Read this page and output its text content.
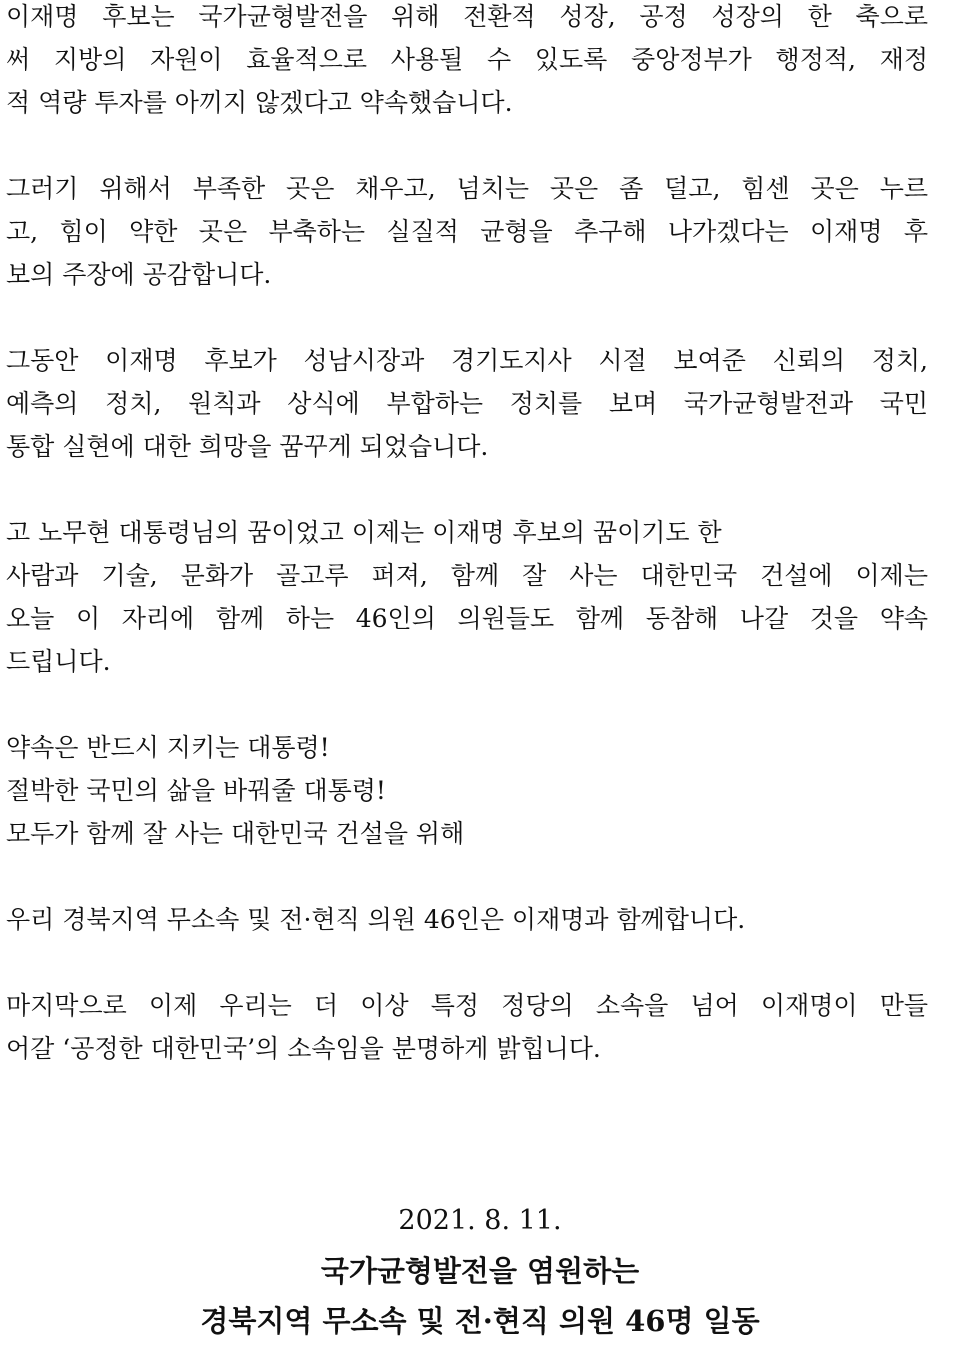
이재명 후보는 국가균형발전을 위해 전환적 성장, 공정 성장의 한 축으로
써 지방의 자원이 효율적으로 사용될 수 있도록 중앙정부가 행정적, 재정
적 역량 투자를 아끼지 않겠다고 약속했습니다.
그러기 위해서 부족한 곳은 채우고, 넘치는 곳은 좀 덜고, 힘센 곳은 누르
고, 힘이 약한 곳은 부축하는 실질적 균형을 추구해 나가겠다는 이재명 후
보의 주장에 공감합니다.
그동안 이재명 후보가 성남시장과 경기도지사 시절 보여준 신뢰의 정치,
예측의 정치, 원칙과 상식에 부합하는 정치를 보며 국가균형발전과 국민
통합 실현에 대한 희망을 꿈꾸게 되었습니다.
고 노무현 대통령님의 꿈이었고 이제는 이재명 후보의 꿈이기도 한
사람과 기술, 문화가 골고루 퍼져, 함께 잘 사는 대한민국 건설에 이제는
오늘 이 자리에 함께 하는 46인의 의원들도 함께 동참해 나갈 것을 약속
드립니다.
약속은 반드시 지키는 대통령!
절박한 국민의 삶을 바꿔줄 대통령!
모두가 함께 잘 사는 대한민국 건설을 위해
우리 경북지역 무소속 및 전·현직 의원 46인은 이재명과 함께합니다.
마지막으로 이제 우리는 더 이상 특정 정당의 소속을 넘어 이재명이 만들
어갈 ‘공정한 대한민국’의 소속임을 분명하게 밝힙니다.
2021. 8. 11.
국가균형발전을 염원하는
경북지역 무소속 및 전·현직 의원 46명 일동
